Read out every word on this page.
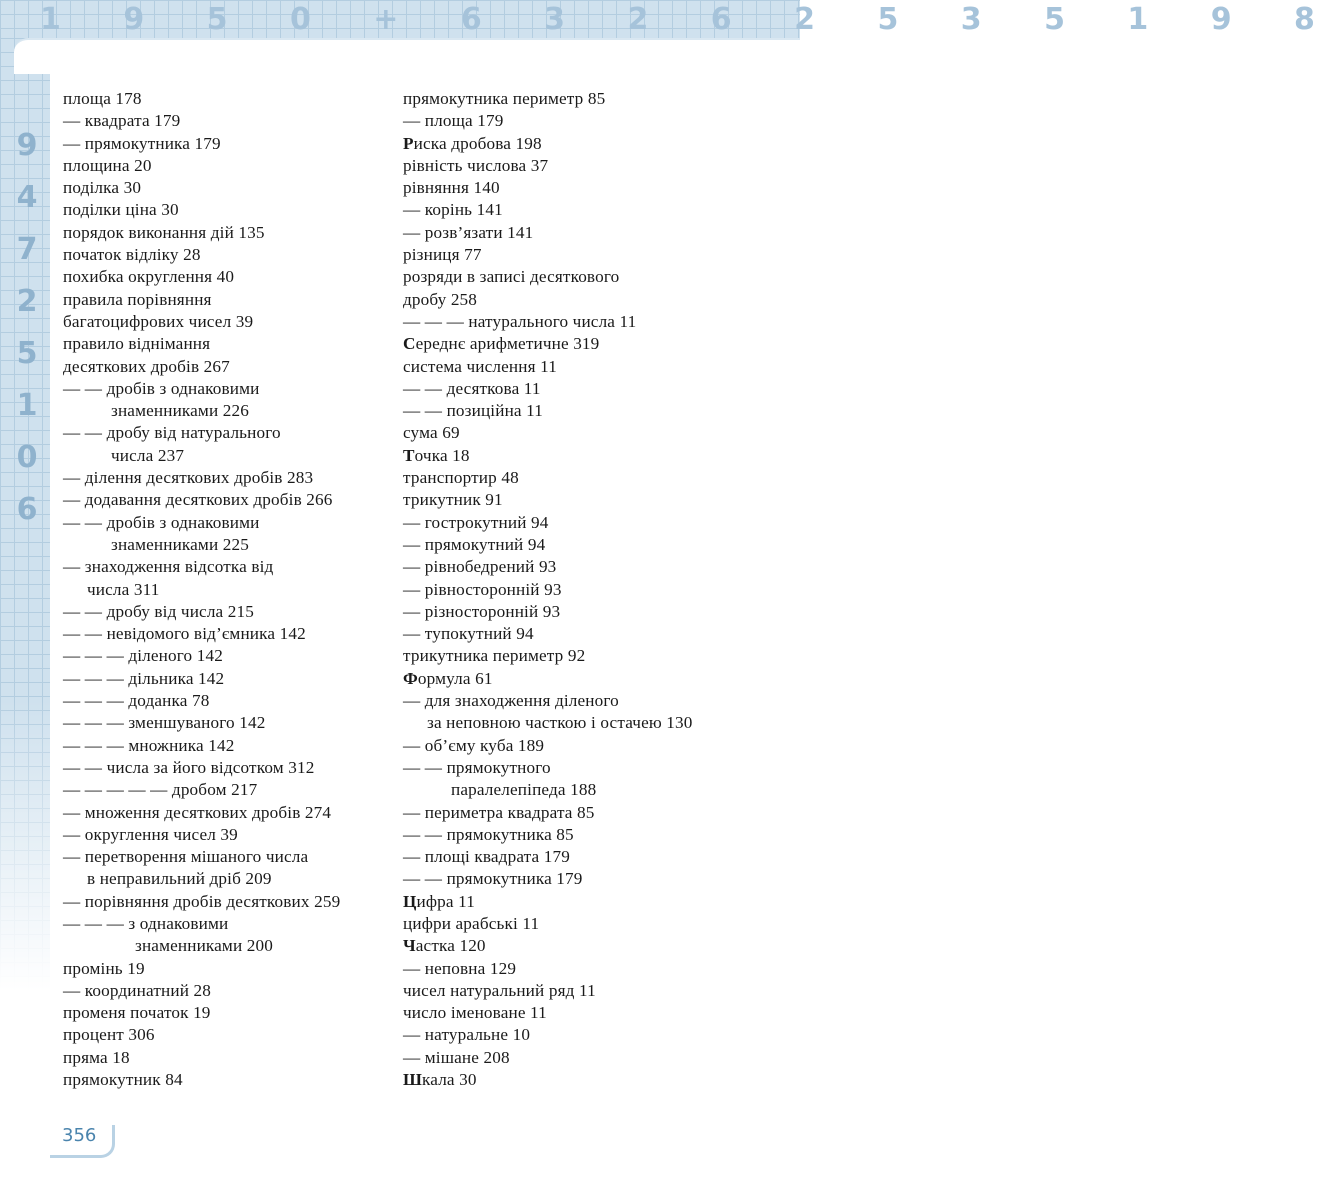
1 9 5 0 + 6 3 2 6 2 5 3 5 1 9 8
9
4
7
2
5
1
0
6
площа 178
— квадрата 179
— прямокутника 179
площина 20
поділка 30
поділки ціна 30
порядок виконання дій 135
початок відліку 28
похибка округлення 40
правила порівняння
багатоцифрових чисел 39
правило віднімання
десяткових дробів 267
— — дробів з однаковими
знаменниками 226
— — дробу від натурального
числа 237
— ділення десяткових дробів 283
— додавання десяткових дробів 266
— — дробів з однаковими
знаменниками 225
— знаходження відсотка від
числа 311
— — дробу від числа 215
— — невідомого від’ємника 142
— — — діленого 142
— — — дільника 142
— — — доданка 78
— — — зменшуваного 142
— — — множника 142
— — числа за його відсотком 312
— — — — — дробом 217
— множення десяткових дробів 274
— округлення чисел 39
— перетворення мішаного числа
в неправильний дріб 209
— порівняння дробів десяткових 259
— — — з однаковими
знаменниками 200
промінь 19
— координатний 28
променя початок 19
процент 306
пряма 18
прямокутник 84
прямокутника периметр 85
— площа 179
Риска дробова 198
рівність числова 37
рівняння 140
— корінь 141
— розв’язати 141
різниця 77
розряди в записі десяткового
дробу 258
— — — натурального числа 11
Середнє арифметичне 319
система числення 11
— — десяткова 11
— — позиційна 11
сума 69
Точка 18
транспортир 48
трикутник 91
— гострокутний 94
— прямокутний 94
— рівнобедрений 93
— рівносторонній 93
— різносторонній 93
— тупокутний 94
трикутника периметр 92
Формула 61
— для знаходження діленого
за неповною часткою і остачею 130
— об’єму куба 189
— — прямокутного
паралелепіпеда 188
— периметра квадрата 85
— — прямокутника 85
— площі квадрата 179
— — прямокутника 179
Цифра 11
цифри арабські 11
Частка 120
— неповна 129
чисел натуральний ряд 11
число іменоване 11
— натуральне 10
— мішане 208
Шкала 30
356
